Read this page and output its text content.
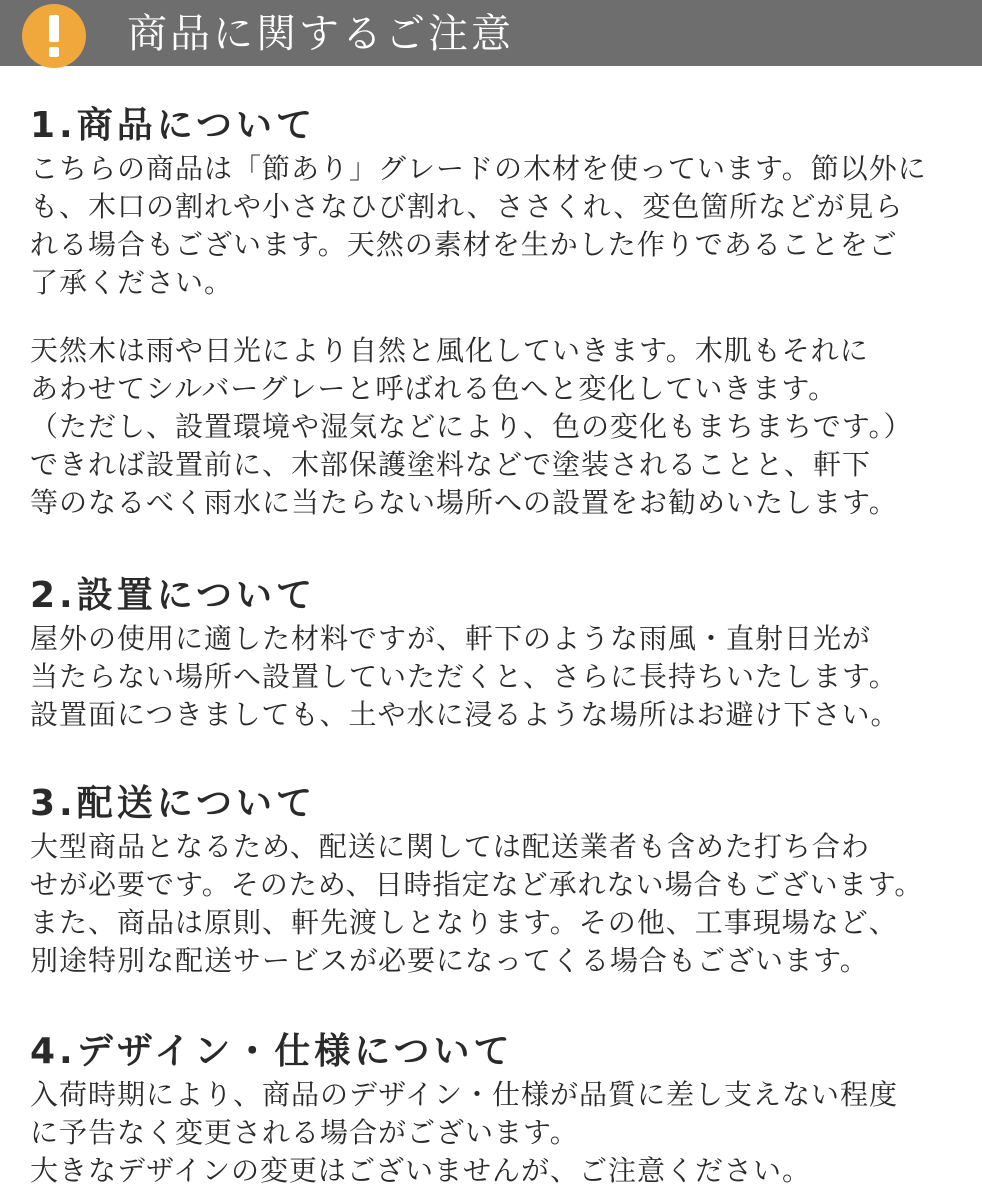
商品に関するご注意
1.商品について

こちらの商品は「節あり」グレードの木材を使っています。節以外に
も、木口の割れや小さなひび割れ、ささくれ、変色箇所などが見ら
れる場合もございます。天然の素材を生かした作りであることをご
了承ください。

天然木は雨や日光により自然と風化していきます。木肌もそれに
あわせてシルバーグレーと呼ばれる色へと変化していきます。
（ただし、設置環境や湿気などにより、色の変化もまちまちです。）
できれば設置前に、木部保護塗料などで塗装されることと、軒下
等のなるべく雨水に当たらない場所への設置をお勧めいたします。

2.設置について

屋外の使用に適した材料ですが、軒下のような雨風・直射日光が
当たらない場所へ設置していただくと、さらに長持ちいたします。
設置面につきましても、土や水に浸るような場所はお避け下さい。

3.配送について

大型商品となるため、配送に関しては配送業者も含めた打ち合わ
せが必要です。そのため、日時指定など承れない場合もございます。
また、商品は原則、軒先渡しとなります。その他、工事現場など、
別途特別な配送サービスが必要になってくる場合もございます。

4.デザイン・仕様について

入荷時期により、商品のデザイン・仕様が品質に差し支えない程度
に予告なく変更される場合がございます。
大きなデザインの変更はございませんが、ご注意ください。
